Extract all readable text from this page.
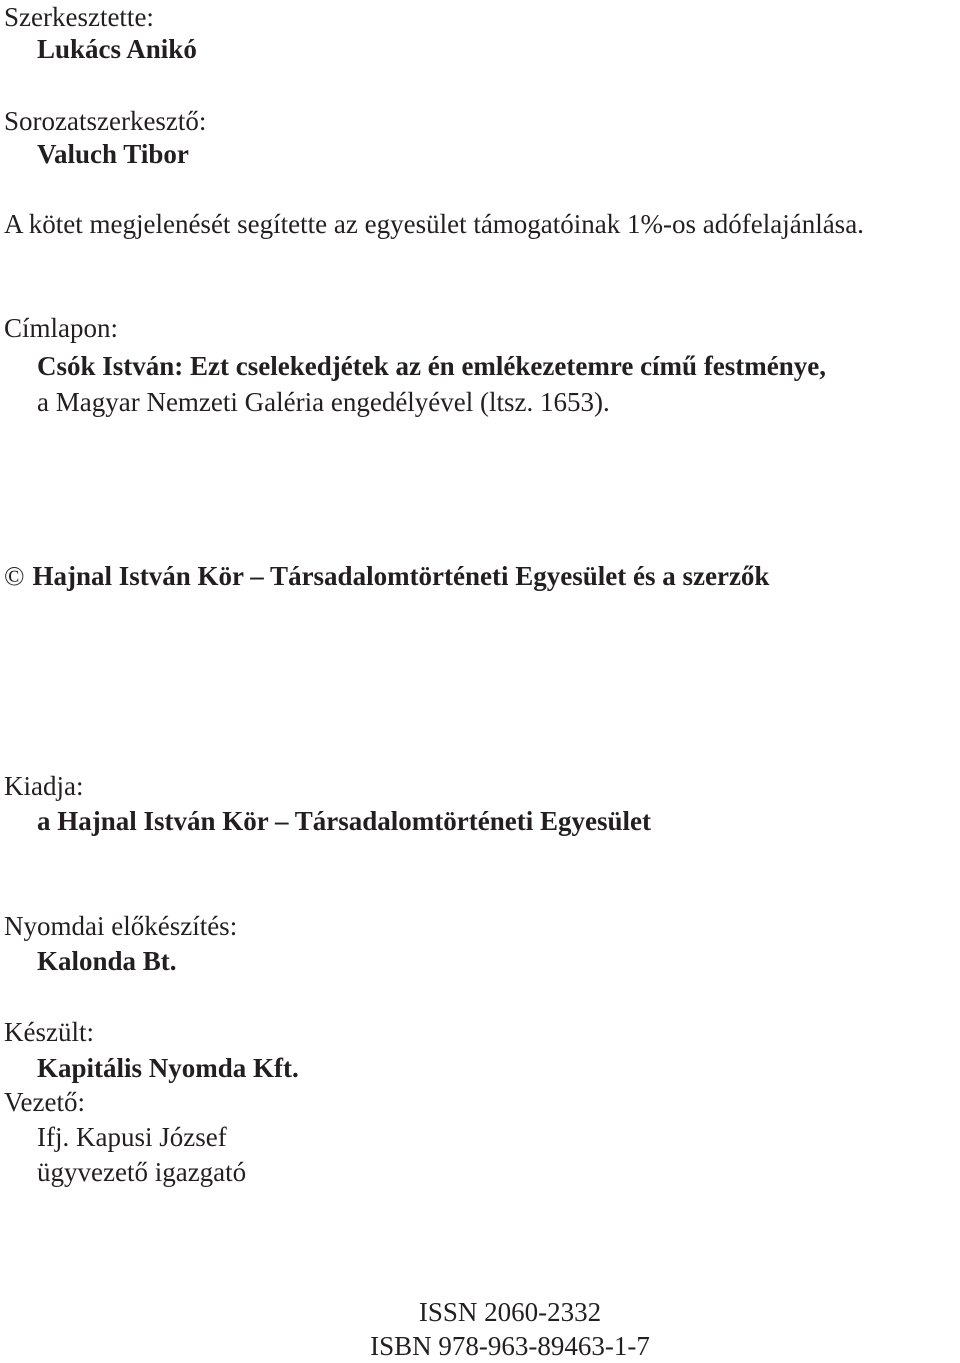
Szerkesztette:
Lukács Anikó
Sorozatszerkesztő:
Valuch Tibor
A kötet megjelenését segítette az egyesület támogatóinak 1%-os adófelajánlása.
Címlapon:
Csók István: Ezt cselekedjétek az én emlékezetemre című festménye,
a Magyar Nemzeti Galéria engedélyével (ltsz. 1653).
© Hajnal István Kör – Társadalomtörténeti Egyesület és a szerzők
Kiadja:
a Hajnal István Kör – Társadalomtörténeti Egyesület
Nyomdai előkészítés:
Kalonda Bt.
Készült:
Kapitális Nyomda Kft.
Vezető:
Ifj. Kapusi József
ügyvezető igazgató
ISSN 2060-2332
ISBN 978-963-89463-1-7
